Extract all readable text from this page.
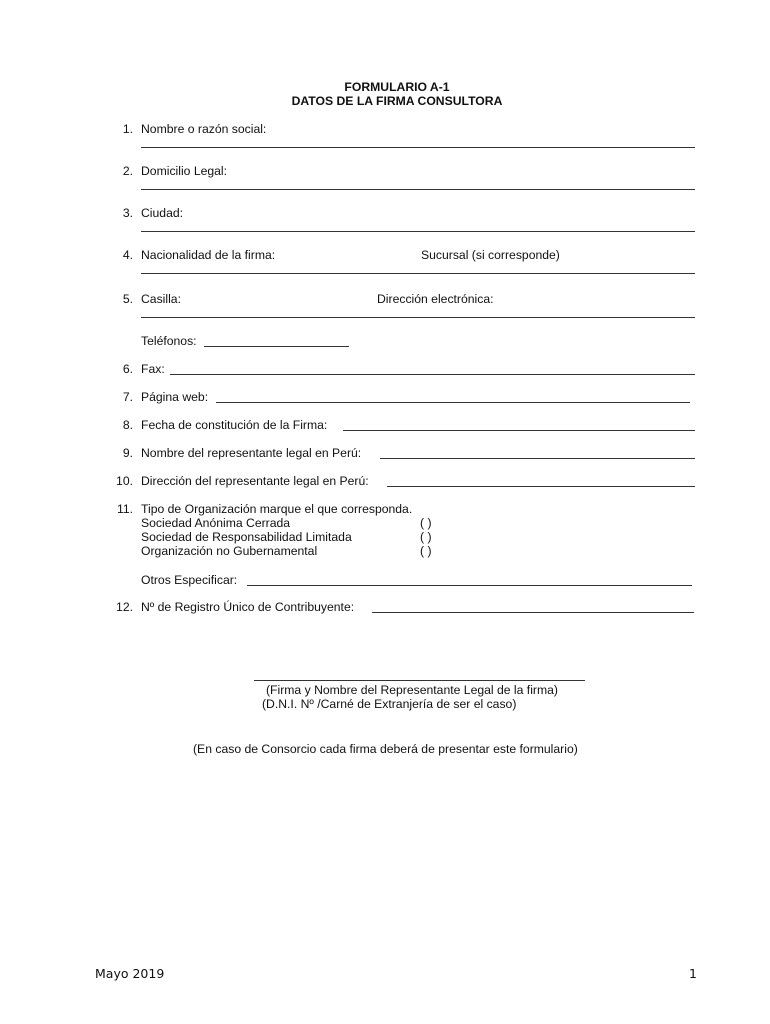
FORMULARIO A-1
DATOS DE LA FIRMA CONSULTORA
1. Nombre o razón social:
2. Domicilio Legal:
3. Ciudad:
4. Nacionalidad de la firma:	Sucursal (si corresponde)
5. Casilla:	Dirección electrónica:
Teléfonos:
6. Fax:
7. Página web:
8. Fecha de constitución de la Firma:
9. Nombre del representante legal en Perú:
10. Dirección del representante legal en Perú:
11. Tipo de Organización marque el que corresponda.
Sociedad Anónima Cerrada	( )
Sociedad de Responsabilidad Limitada	( )
Organización no Gubernamental	( )
Otros Especificar:
12. Nº de Registro Único de Contribuyente:
(Firma y Nombre del Representante Legal de la firma)
(D.N.I. Nº /Carné de Extranjería de ser el caso)
(En caso de Consorcio cada firma deberá de presentar este formulario)
Mayo 2019	1
